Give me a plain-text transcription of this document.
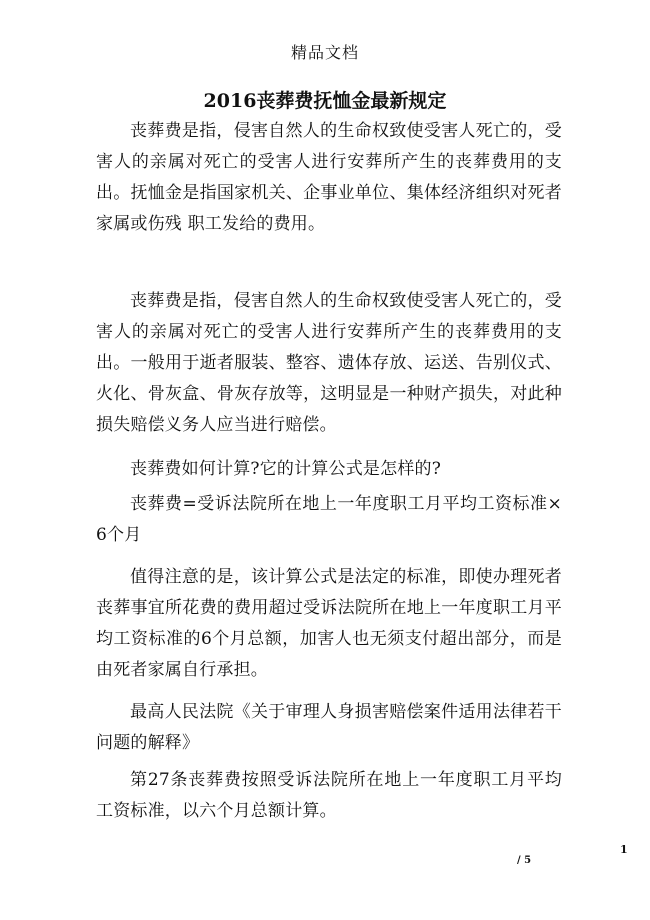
精品文档
2016丧葬费抚恤金最新规定

丧葬费是指，侵害自然人的生命权致使受害人死亡的，受害人的亲属对死亡的受害人进行安葬所产生的丧葬费用的支出。抚恤金是指国家机关、企事业单位、集体经济组织对死者家属或伤残 职工发给的费用。

丧葬费是指，侵害自然人的生命权致使受害人死亡的，受害人的亲属对死亡的受害人进行安葬所产生的丧葬费用的支出。一般用于逝者服装、整容、遗体存放、运送、告别仪式、火化、骨灰盒、骨灰存放等，这明显是一种财产损失，对此种损失赔偿义务人应当进行赔偿。

丧葬费如何计算?它的计算公式是怎样的?

丧葬费=受诉法院所在地上一年度职工月平均工资标准×6个月

值得注意的是，该计算公式是法定的标准，即使办理死者丧葬事宜所花费的费用超过受诉法院所在地上一年度职工月平均工资标准的6个月总额，加害人也无须支付超出部分，而是由死者家属自行承担。

最高人民法院《关于审理人身损害赔偿案件适用法律若干问题的解释》

第27条丧葬费按照受诉法院所在地上一年度职工月平均工资标准，以六个月总额计算。

/ 5
1
